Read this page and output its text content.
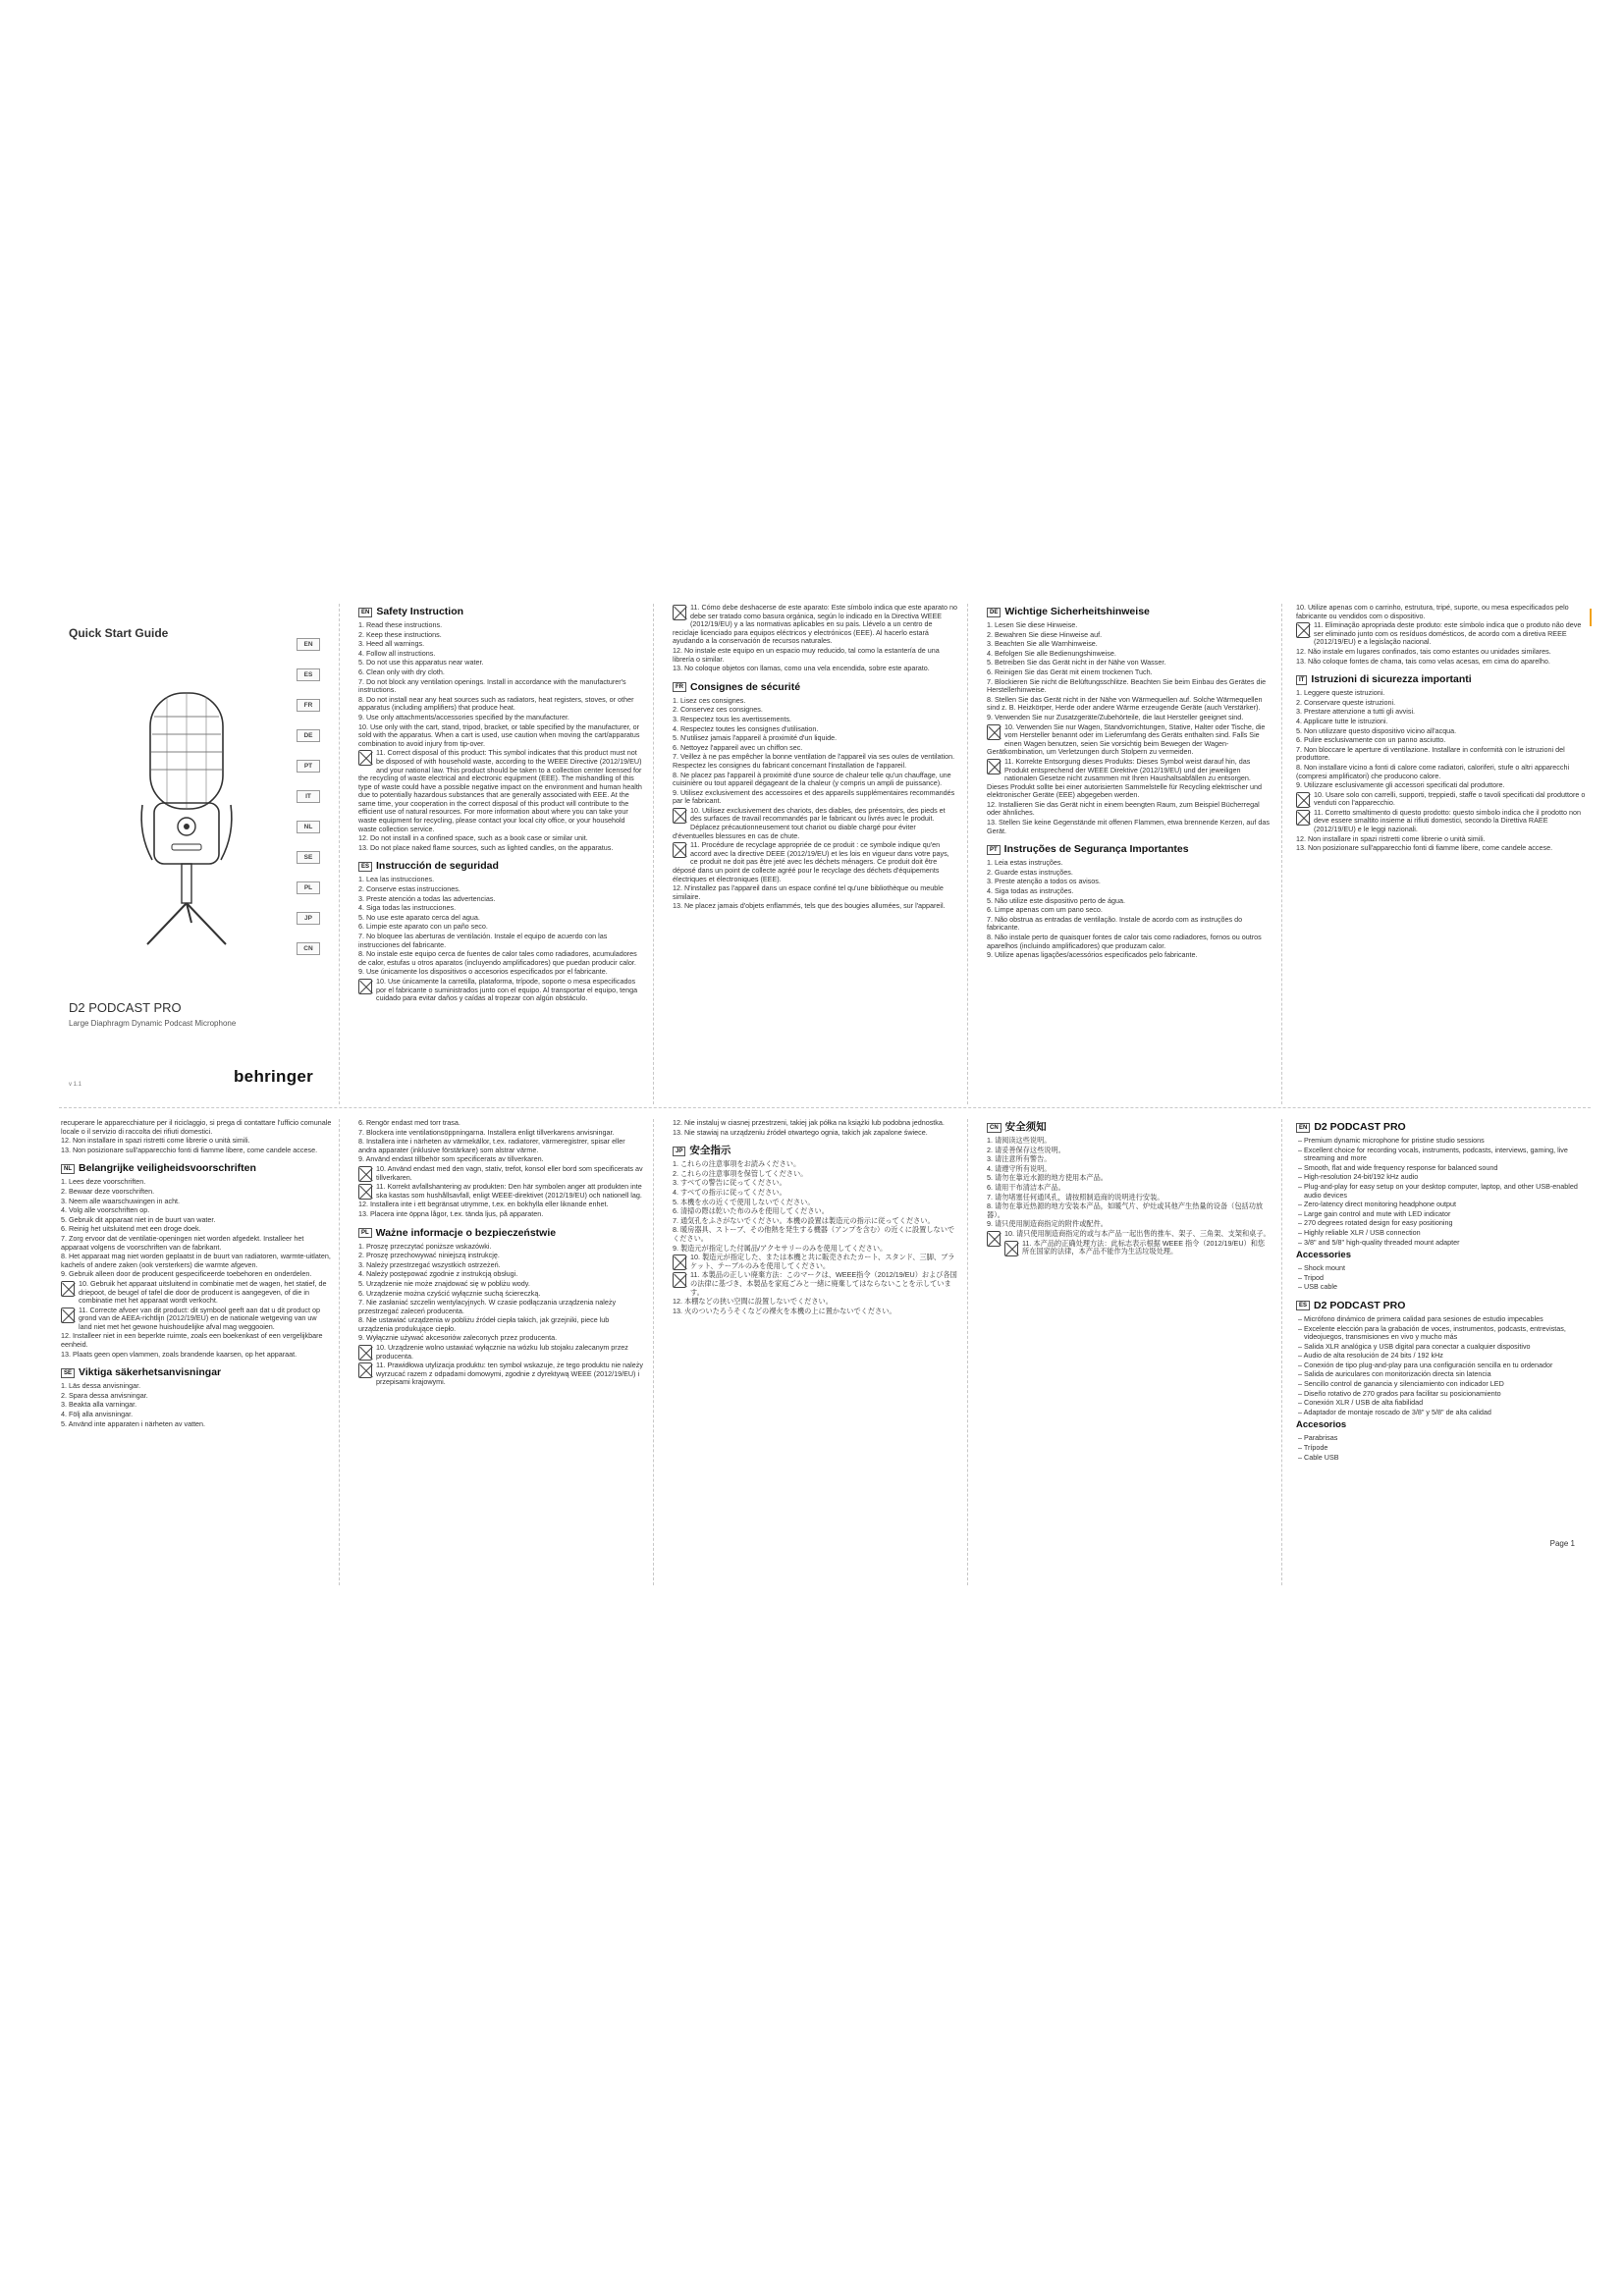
Quick Start Guide
EN
ES
FR
DE
PT
IT
NL
SE
PL
JP
CN
D2 PODCAST PRO
Large Diaphragm Dynamic Podcast Microphone
v 1.1	behringer
EN Safety Instruction
1. Read these instructions.
2. Keep these instructions.
3. Heed all warnings.
4. Follow all instructions.
5. Do not use this apparatus near water.
6. Clean only with dry cloth.
7. Do not block any ventilation openings. Install in accordance with the manufacturer's instructions.
8. Do not install near any heat sources such as radiators, heat registers, stoves, or other apparatus (including amplifiers) that produce heat.
9. Use only attachments/accessories specified by the manufacturer.
10. Use only with the cart, stand, tripod, bracket, or table specified by the manufacturer, or sold with the apparatus. When a cart is used, use caution when moving the cart/apparatus combination to avoid injury from tip-over.
11. Correct disposal of this product: This symbol indicates that this product must not be disposed of with household waste, according to the WEEE Directive (2012/19/EU) and your national law. This product should be taken to a collection center licensed for the recycling of waste electrical and electronic equipment (EEE). The mishandling of this type of waste could have a possible negative impact on the environment and human health due to potentially hazardous substances that are generally associated with EEE. At the same time, your cooperation in the correct disposal of this product will contribute to the efficient use of natural resources. For more information about where you can take your waste equipment for recycling, please contact your local city office, or your household waste collection service.
12. Do not install in a confined space, such as a book case or similar unit.
13. Do not place naked flame sources, such as lighted candles, on the apparatus.
ES Instrucción de seguridad
1. Lea las instrucciones.
2. Conserve estas instrucciones.
3. Preste atención a todas las advertencias.
4. Siga todas las instrucciones.
5. No use este aparato cerca del agua.
6. Limpie este aparato con un paño seco.
7. No bloquee las aberturas de ventilación. Instale el equipo de acuerdo con las instrucciones del fabricante.
8. No instale este equipo cerca de fuentes de calor tales como radiadores, acumuladores de calor, estufas u otros aparatos (incluyendo amplificadores) que puedan producir calor.
9. Use únicamente los dispositivos o accesorios especificados por el fabricante.
10. Use únicamente la carretilla, plataforma, trípode, soporte o mesa especificados por el fabricante o suministrados junto con el equipo. Al transportar el equipo, tenga cuidado para evitar daños y caídas al tropezar con algún obstáculo.
11. Cómo debe deshacerse de este aparato: Este símbolo indica que este aparato no debe ser tratado como basura orgánica, según lo indicado en la Directiva WEEE (2012/19/EU) y a las normativas aplicables en su país. Llévelo a un centro de reciclaje licenciado para equipos eléctricos y electrónicos (EEE). Al hacerlo estará ayudando a la conservación de recursos naturales.
12. No instale este equipo en un espacio muy reducido, tal como la estantería de una librería o similar.
13. No coloque objetos con llamas, como una vela encendida, sobre este aparato.
FR Consignes de sécurité
1. Lisez ces consignes.
2. Conservez ces consignes.
3. Respectez tous les avertissements.
4. Respectez toutes les consignes d'utilisation.
5. N'utilisez jamais l'appareil à proximité d'un liquide.
6. Nettoyez l'appareil avec un chiffon sec.
7. Veillez à ne pas empêcher la bonne ventilation de l'appareil via ses ouïes de ventilation. Respectez les consignes du fabricant concernant l'installation de l'appareil.
8. Ne placez pas l'appareil à proximité d'une source de chaleur telle qu'un chauffage, une cuisinière ou tout appareil dégageant de la chaleur (y compris un ampli de puissance).
9. Utilisez exclusivement des accessoires et des appareils supplémentaires recommandés par le fabricant.
10. Utilisez exclusivement des chariots, des diables, des présentoirs, des pieds et des surfaces de travail recommandés par le fabricant ou livrés avec le produit. Déplacez précautionneusement tout chariot ou diable chargé pour éviter d'éventuelles blessures en cas de chute.
11. Procédure de recyclage appropriée de ce produit : ce symbole indique qu'en accord avec la directive DEEE (2012/19/EU) et les lois en vigueur dans votre pays, ce produit ne doit pas être jeté avec les déchets ménagers. Ce produit doit être déposé dans un point de collecte agréé pour le recyclage des déchets d'équipements électriques et électroniques (EEE).
12. N'installez pas l'appareil dans un espace confiné tel qu'une bibliothèque ou meuble similaire.
13. Ne placez jamais d'objets enflammés, tels que des bougies allumées, sur l'appareil.
DE Wichtige Sicherheitshinweise
1. Lesen Sie diese Hinweise.
2. Bewahren Sie diese Hinweise auf.
3. Beachten Sie alle Warnhinweise.
4. Befolgen Sie alle Bedienungshinweise.
5. Betreiben Sie das Gerät nicht in der Nähe von Wasser.
6. Reinigen Sie das Gerät mit einem trockenen Tuch.
7. Blockieren Sie nicht die Belüftungsschlitze. Beachten Sie beim Einbau des Gerätes die Herstellerhinweise.
8. Stellen Sie das Gerät nicht in der Nähe von Wärmequellen auf. Solche Wärmequellen sind z. B. Heizkörper, Herde oder andere Wärme erzeugende Geräte (auch Verstärker).
9. Verwenden Sie nur Zusatzgeräte/Zubehörteile, die laut Hersteller geeignet sind.
10. Verwenden Sie nur Wagen, Standvorrichtungen, Stative, Halter oder Tische, die vom Hersteller benannt oder im Lieferumfang des Geräts enthalten sind. Falls Sie einen Wagen benutzen, seien Sie vorsichtig beim Bewegen der Wagen-Gerätkombination, um Verletzungen durch Stolpern zu vermeiden.
11. Korrekte Entsorgung dieses Produkts: Dieses Symbol weist darauf hin, das Produkt entsprechend der WEEE Direktive (2012/19/EU) und der jeweiligen nationalen Gesetze nicht zusammen mit Ihren Haushaltsabfällen zu entsorgen. Dieses Produkt sollte bei einer autorisierten Sammelstelle für Recycling elektrischer und elektronischer Geräte (EEE) abgegeben werden.
12. Installieren Sie das Gerät nicht in einem beengten Raum, zum Beispiel Bücherregal oder ähnliches.
13. Stellen Sie keine Gegenstände mit offenen Flammen, etwa brennende Kerzen, auf das Gerät.
PT Instruções de Segurança Importantes
1. Leia estas instruções.
2. Guarde estas instruções.
3. Preste atenção a todos os avisos.
4. Siga todas as instruções.
5. Não utilize este dispositivo perto de água.
6. Limpe apenas com um pano seco.
7. Não obstrua as entradas de ventilação. Instale de acordo com as instruções do fabricante.
8. Não instale perto de quaisquer fontes de calor tais como radiadores, fornos ou outros aparelhos (incluindo amplificadores) que produzam calor.
9. Utilize apenas ligações/acessórios especificados pelo fabricante.
10. Utilize apenas com o carrinho, estrutura, tripé, suporte, ou mesa especificados pelo fabricante ou vendidos com o dispositivo.
11. Eliminação apropriada deste produto: este símbolo indica que o produto não deve ser eliminado junto com os resíduos domésticos, de acordo com a diretiva REEE (2012/19/EU) e a legislação nacional.
12. Não instale em lugares confinados, tais como estantes ou unidades similares.
13. Não coloque fontes de chama, tais como velas acesas, em cima do aparelho.
IT Istruzioni di sicurezza importanti
1. Leggere queste istruzioni.
2. Conservare queste istruzioni.
3. Prestare attenzione a tutti gli avvisi.
4. Applicare tutte le istruzioni.
5. Non utilizzare questo dispositivo vicino all'acqua.
6. Pulire esclusivamente con un panno asciutto.
7. Non bloccare le aperture di ventilazione. Installare in conformità con le istruzioni del produttore.
8. Non installare vicino a fonti di calore come radiatori, caloriferi, stufe o altri apparecchi (compresi amplificatori) che producono calore.
9. Utilizzare esclusivamente gli accessori specificati dal produttore.
10. Usare solo con carrelli, supporti, treppiedi, staffe o tavoli specificati dal produttore o venduti con l'apparecchio.
11. Corretto smaltimento di questo prodotto: questo simbolo indica che il prodotto non deve essere smaltito insieme ai rifiuti domestici, secondo la Direttiva RAEE (2012/19/EU) e le leggi nazionali.
12. Non installare in spazi ristretti come librerie o unità simili.
13. Non posizionare sull'apparecchio fonti di fiamme libere, come candele accese.
recuperare le apparecchiature per il riciclaggio, si prega di contattare l'ufficio comunale locale o il servizio di raccolta dei rifiuti domestici.
12. Non installare in spazi ristretti come librerie o unità simili.
13. Non posizionare sull'apparecchio fonti di fiamme libere, come candele accese.
NL Belangrijke veiligheidsvoorschriften
1. Lees deze voorschriften.
2. Bewaar deze voorschriften.
3. Neem alle waarschuwingen in acht.
4. Volg alle voorschriften op.
5. Gebruik dit apparaat niet in de buurt van water.
6. Reinig het uitsluitend met een droge doek.
7. Zorg ervoor dat de ventilatie-openingen niet worden afgedekt. Installeer het apparaat volgens de voorschriften van de fabrikant.
8. Het apparaat mag niet worden geplaatst in de buurt van radiatoren, warmte-uitlaten, kachels of andere zaken (ook versterkers) die warmte afgeven.
9. Gebruik alleen door de producent gespecificeerde toebehoren en onderdelen.
10. Gebruik het apparaat uitsluitend in combinatie met de wagen, het statief, de driepoot, de beugel of tafel die door de producent is aangegeven, of die in combinatie met het apparaat wordt verkocht.
11. Correcte afvoer van dit product: dit symbool geeft aan dat u dit product op grond van de AEEA-richtlijn (2012/19/EU) en de nationale wetgeving van uw land niet met het gewone huishoudelijke afval mag weggooien.
12. Installeer niet in een beperkte ruimte, zoals een boekenkast of een vergelijkbare eenheid.
13. Plaats geen open vlammen, zoals brandende kaarsen, op het apparaat.
SE Viktiga säkerhetsanvisningar
1. Läs dessa anvisningar.
2. Spara dessa anvisningar.
3. Beakta alla varningar.
4. Följ alla anvisningar.
5. Använd inte apparaten i närheten av vatten.
6. Rengör endast med torr trasa.
7. Blockera inte ventilationsöppningarna. Installera enligt tillverkarens anvisningar.
8. Installera inte i närheten av värmekällor, t.ex. radiatorer, värmeregistrer, spisar eller andra apparater (inklusive förstärkare) som alstrar värme.
9. Använd endast tillbehör som specificerats av tillverkaren.
10. Använd endast med den vagn, stativ, trefot, konsol eller bord som specificerats av tillverkaren.
11. Korrekt avfallshantering av produkten: Den här symbolen anger att produkten inte ska kastas som hushållsavfall, enligt WEEE-direktivet (2012/19/EU) och nationell lag.
12. Installera inte i ett begränsat utrymme, t.ex. en bokhylla eller liknande enhet.
13. Placera inte öppna lågor, t.ex. tända ljus, på apparaten.
PL Ważne informacje o bezpieczeństwie
1. Proszę przeczytać poniższe wskazówki.
2. Proszę przechowywać niniejszą instrukcję.
3. Należy przestrzegać wszystkich ostrzeżeń.
4. Należy postępować zgodnie z instrukcją obsługi.
5. Urządzenie nie może znajdować się w pobliżu wody.
6. Urządzenie można czyścić wyłącznie suchą ściereczką.
7. Nie zasłaniać szczelin wentylacyjnych. W czasie podłączania urządzenia należy przestrzegać zaleceń producenta.
8. Nie ustawiać urządzenia w pobliżu źródeł ciepła takich, jak grzejniki, piece lub urządzenia produkujące ciepło.
9. Wyłącznie używać akcesoriów zaleconych przez producenta.
10. Urządzenie wolno ustawiać wyłącznie na wózku lub stojaku zalecanym przez producenta.
11. Prawidłowa utylizacja produktu: ten symbol wskazuje, że tego produktu nie należy wyrzucać razem z odpadami domowymi, zgodnie z dyrektywą WEEE (2012/19/EU) i przepisami krajowymi.
12. Nie instaluj w ciasnej przestrzeni, takiej jak półka na książki lub podobna jednostka.
13. Nie stawiaj na urządzeniu źródeł otwartego ognia, takich jak zapalone świece.
JP 安全指示
1. これらの注意事項をお読みください。
2. これらの注意事項を保管してください。
3. すべての警告に従ってください。
4. すべての指示に従ってください。
5. 本機を水の近くで使用しないでください。
6. 清掃の際は乾いた布のみを使用してください。
7. 通気孔をふさがないでください。本機の設置は製造元の指示に従ってください。
8. 暖房器具、ストーブ、その他熱を発生する機器（アンプを含む）の近くに設置しないでください。
9. 製造元が指定した付属品/アクセサリーのみを使用してください。
10. 製造元が指定した、または本機と共に販売されたカート、スタンド、三脚、ブラケット、テーブルのみを使用してください。
11. 本製品の正しい廃棄方法：このマークは、WEEE指令（2012/19/EU）および各国の法律に基づき、本製品を家庭ごみと一緒に廃棄してはならないことを示しています。
12. 本棚などの狭い空間に設置しないでください。
13. 火のついたろうそくなどの裸火を本機の上に置かないでください。
CN 安全须知
1. 请阅读这些说明。
2. 请妥善保存这些说明。
3. 请注意所有警告。
4. 请遵守所有说明。
5. 请勿在靠近水源的地方使用本产品。
6. 请用干布清洁本产品。
7. 请勿堵塞任何通风孔，请按照制造商的说明进行安装。
8. 请勿在靠近热源的地方安装本产品，如暖气片、炉灶或其他产生热量的设备（包括功放器）。
9. 请只使用制造商指定的附件或配件。
10. 请只使用制造商指定的或与本产品一起出售的推车、架子、三角架、支架和桌子。
11. 本产品的正确处理方法：此标志表示根据 WEEE 指令（2012/19/EU）和您所在国家的法律，本产品不能作为生活垃圾处理。
EN D2 PODCAST PRO
– Premium dynamic microphone for pristine studio sessions
– Excellent choice for recording vocals, instruments, podcasts, interviews, gaming, live streaming and more
– Smooth, flat and wide frequency response for balanced sound
– High-resolution 24-bit/192 kHz audio
– Plug-and-play for easy setup on your desktop computer, laptop, and other USB-enabled audio devices
– Zero-latency direct monitoring headphone output
– Large gain control and mute with LED indicator
– 270 degrees rotated design for easy positioning
– Highly reliable XLR / USB connection
– 3/8" and 5/8" high-quality threaded mount adapter
Accessories
– Shock mount
– Tripod
– USB cable
ES D2 PODCAST PRO
– Micrófono dinámico de primera calidad para sesiones de estudio impecables
– Excelente elección para la grabación de voces, instrumentos, podcasts, entrevistas, videojuegos, transmisiones en vivo y mucho más
– Salida XLR analógica y USB digital para conectar a cualquier dispositivo
– Audio de alta resolución de 24 bits / 192 kHz
– Conexión de tipo plug-and-play para una configuración sencilla en tu ordenador
– Salida de auriculares con monitorización directa sin latencia
– Sencillo control de ganancia y silenciamiento con indicador LED
– Diseño rotativo de 270 grados para facilitar su posicionamiento
– Conexión XLR / USB de alta fiabilidad
– Adaptador de montaje roscado de 3/8" y 5/8" de alta calidad
Accesorios
– Parabrisas
– Trípode
– Cable USB
Page 1
